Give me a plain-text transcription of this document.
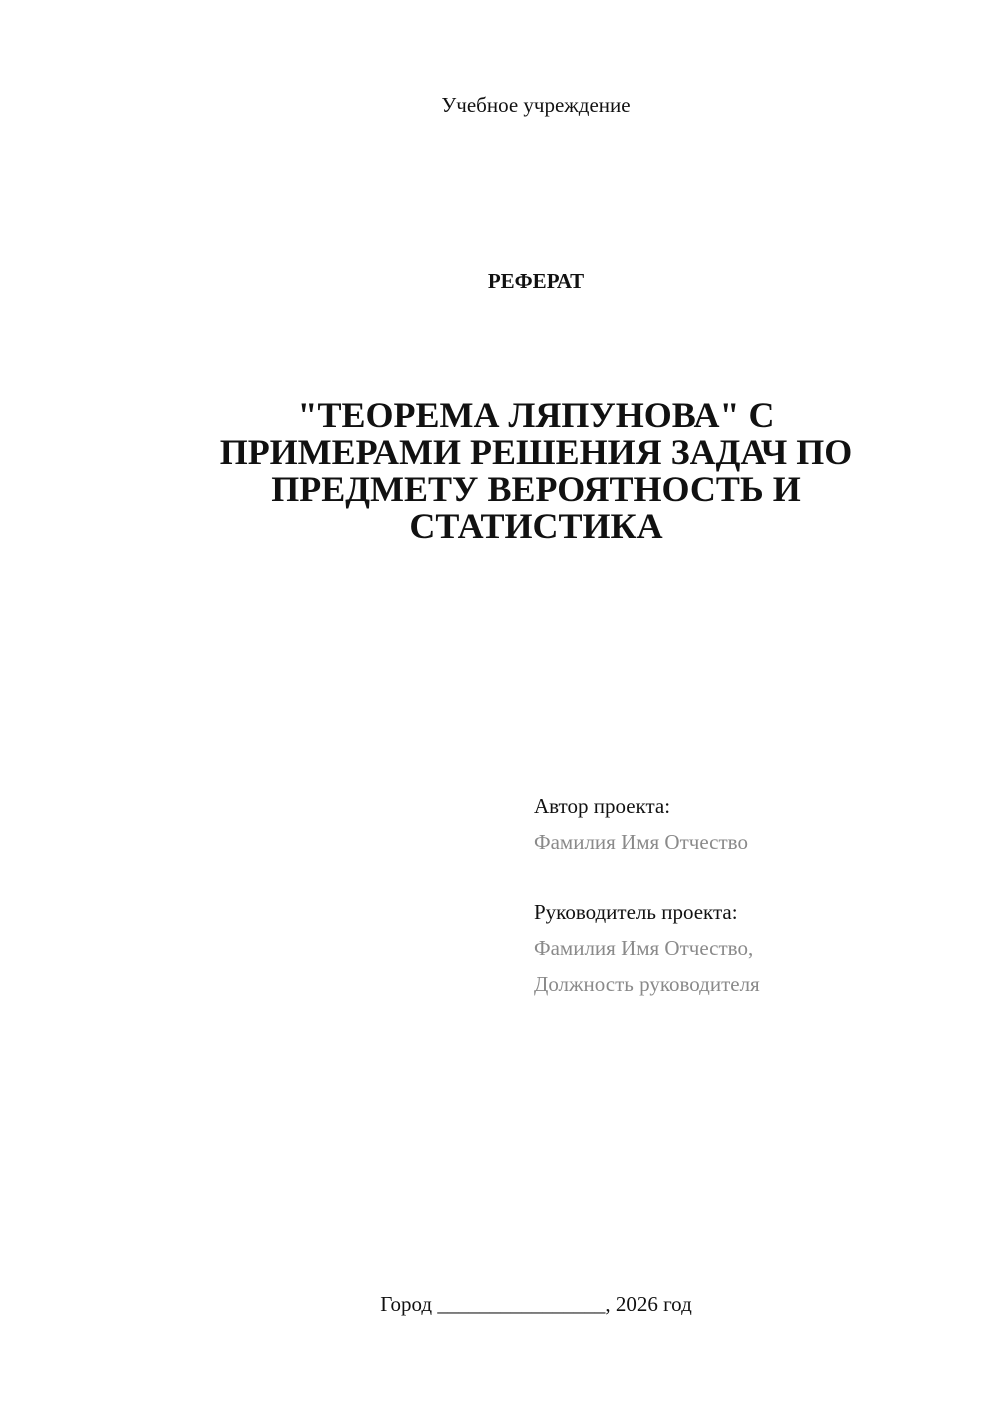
Учебное учреждение
РЕФЕРАТ
"ТЕОРЕМА ЛЯПУНОВА" С
ПРИМЕРАМИ РЕШЕНИЯ ЗАДАЧ ПО
ПРЕДМЕТУ ВЕРОЯТНОСТЬ И
СТАТИСТИКА
Автор проекта:
Фамилия Имя Отчество
Руководитель проекта:
Фамилия Имя Отчество,
Должность руководителя
Город ________________, 2026 год
